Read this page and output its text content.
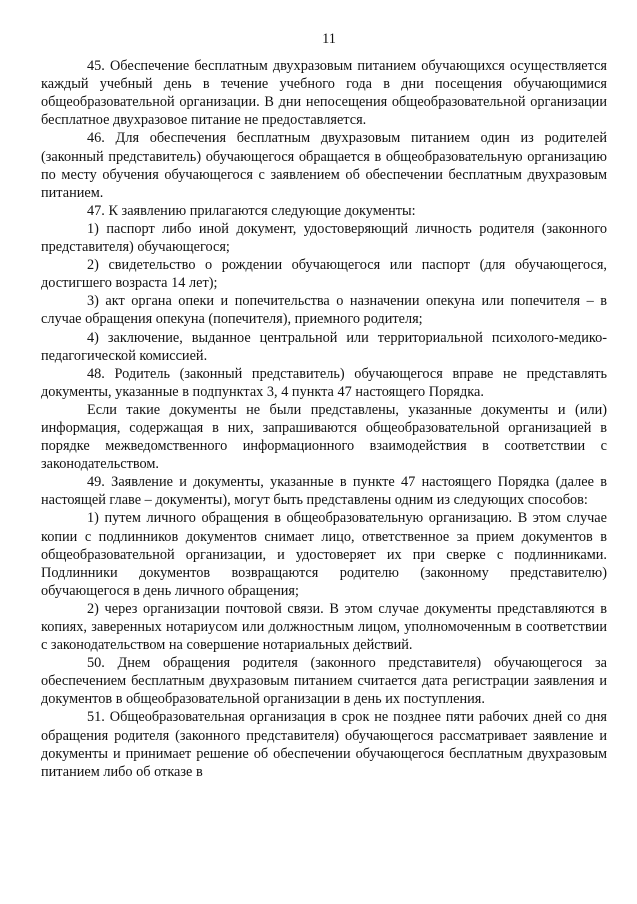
11

45. Обеспечение бесплатным двухразовым питанием обучающихся осуществляется каждый учебный день в течение учебного года в дни посещения обучающимися общеобразовательной организации. В дни непосещения общеобразовательной организации бесплатное двухразовое питание не предоставляется.

46. Для обеспечения бесплатным двухразовым питанием один из родителей (законный представитель) обучающегося обращается в общеобразовательную организацию по месту обучения обучающегося с заявлением об обеспечении бесплатным двухразовым питанием.

47. К заявлению прилагаются следующие документы:

1) паспорт либо иной документ, удостоверяющий личность родителя (законного представителя) обучающегося;

2) свидетельство о рождении обучающегося или паспорт (для обучающегося, достигшего возраста 14 лет);

3) акт органа опеки и попечительства о назначении опекуна или попечителя – в случае обращения опекуна (попечителя), приемного родителя;

4) заключение, выданное центральной или территориальной психолого-медико-педагогической комиссией.

48. Родитель (законный представитель) обучающегося вправе не представлять документы, указанные в подпунктах 3, 4 пункта 47 настоящего Порядка.

Если такие документы не были представлены, указанные документы и (или) информация, содержащая в них, запрашиваются общеобразовательной организацией в порядке межведомственного информационного взаимодействия в соответствии с законодательством.

49. Заявление и документы, указанные в пункте 47 настоящего Порядка (далее в настоящей главе – документы), могут быть представлены одним из следующих способов:

1) путем личного обращения в общеобразовательную организацию. В этом случае копии с подлинников документов снимает лицо, ответственное за прием документов в общеобразовательной организации, и удостоверяет их при сверке с подлинниками. Подлинники документов возвращаются родителю (законному представителю) обучающегося в день личного обращения;

2) через организации почтовой связи. В этом случае документы представляются в копиях, заверенных нотариусом или должностным лицом, уполномоченным в соответствии с законодательством на совершение нотариальных действий.

50. Днем обращения родителя (законного представителя) обучающегося за обеспечением бесплатным двухразовым питанием считается дата регистрации заявления и документов в общеобразовательной организации в день их поступления.

51. Общеобразовательная организация в срок не позднее пяти рабочих дней со дня обращения родителя (законного представителя) обучающегося рассматривает заявление и документы и принимает решение об обеспечении обучающегося бесплатным двухразовым питанием либо об отказе в
